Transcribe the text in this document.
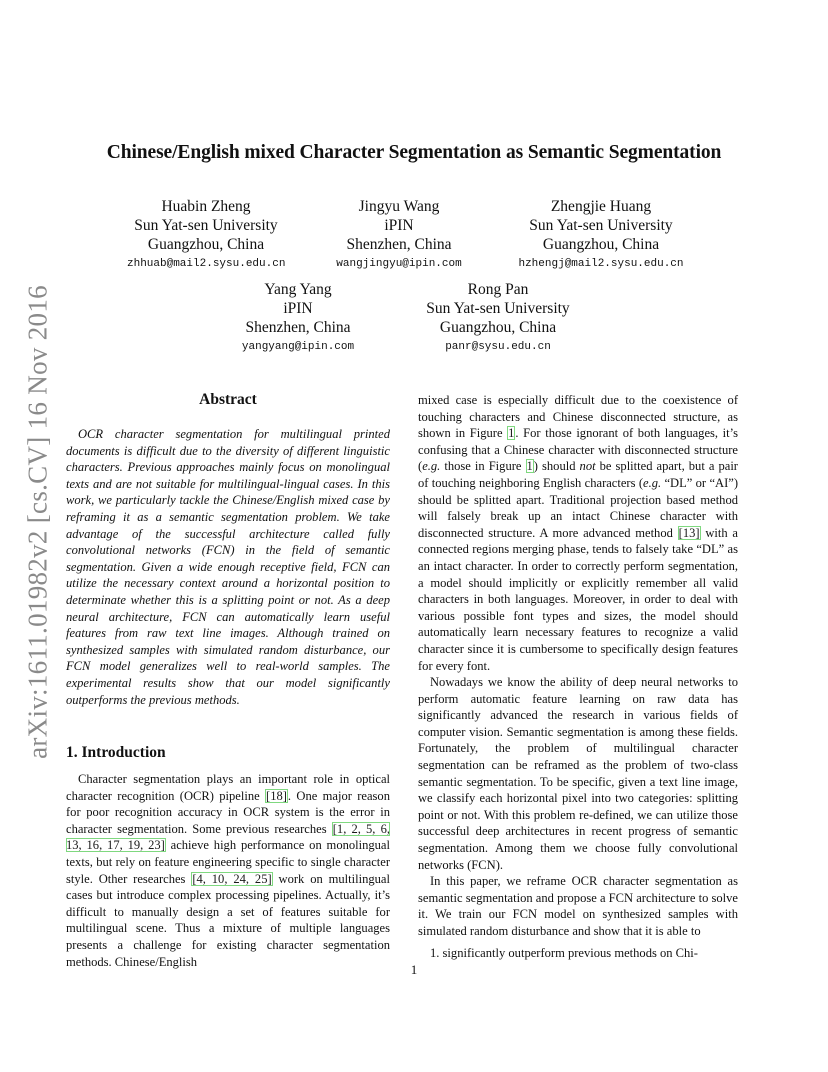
arXiv:1611.01982v2 [cs.CV] 16 Nov 2016
Chinese/English mixed Character Segmentation as Semantic Segmentation
Huabin Zheng
Sun Yat-sen University
Guangzhou, China
zhhuab@mail2.sysu.edu.cn
Jingyu Wang
iPIN
Shenzhen, China
wangjingyu@ipin.com
Zhengjie Huang
Sun Yat-sen University
Guangzhou, China
hzhengj@mail2.sysu.edu.cn
Yang Yang
iPIN
Shenzhen, China
yangyang@ipin.com
Rong Pan
Sun Yat-sen University
Guangzhou, China
panr@sysu.edu.cn
Abstract

OCR character segmentation for multilingual printed documents is difficult due to the diversity of different linguistic characters. Previous approaches mainly focus on monolingual texts and are not suitable for multilingual-lingual cases. In this work, we particularly tackle the Chinese/English mixed case by reframing it as a semantic segmentation problem. We take advantage of the successful architecture called fully convolutional networks (FCN) in the field of semantic segmentation. Given a wide enough receptive field, FCN can utilize the necessary context around a horizontal position to determinate whether this is a splitting point or not. As a deep neural architecture, FCN can automatically learn useful features from raw text line images. Although trained on synthesized samples with simulated random disturbance, our FCN model generalizes well to real-world samples. The experimental results show that our model significantly outperforms the previous methods.

1. Introduction

Character segmentation plays an important role in optical character recognition (OCR) pipeline [18]. One major reason for poor recognition accuracy in OCR system is the error in character segmentation. Some previous researches [1, 2, 5, 6, 13, 16, 17, 19, 23] achieve high performance on monolingual texts, but rely on feature engineering specific to single character style. Other researches [4, 10, 24, 25] work on multilingual cases but introduce complex processing pipelines. Actually, it’s difficult to manually design a set of features suitable for multilingual scene. Thus a mixture of multiple languages presents a challenge for existing character segmentation methods. Chinese/English

mixed case is especially difficult due to the coexistence of touching characters and Chinese disconnected structure, as shown in Figure 1. For those ignorant of both languages, it’s confusing that a Chinese character with disconnected structure (e.g. those in Figure 1) should not be splitted apart, but a pair of touching neighboring English characters (e.g. “DL” or “AI”) should be splitted apart. Traditional projection based method will falsely break up an intact Chinese character with disconnected structure. A more advanced method [13] with a connected regions merging phase, tends to falsely take “DL” as an intact character. In order to correctly perform segmentation, a model should implicitly or explicitly remember all valid characters in both languages. Moreover, in order to deal with various possible font types and sizes, the model should automatically learn necessary features to recognize a valid character since it is cumbersome to specifically design features for every font.

Nowadays we know the ability of deep neural networks to perform automatic feature learning on raw data has significantly advanced the research in various fields of computer vision. Semantic segmentation is among these fields. Fortunately, the problem of multilingual character segmentation can be reframed as the problem of two-class semantic segmentation. To be specific, given a text line image, we classify each horizontal pixel into two categories: splitting point or not. With this problem re-defined, we can utilize those successful deep architectures in recent progress of semantic segmentation. Among them we choose fully convolutional networks (FCN).

In this paper, we reframe OCR character segmentation as semantic segmentation and propose a FCN architecture to solve it. We train our FCN model on synthesized samples with simulated random disturbance and show that it is able to

1. significantly outperform previous methods on Chi-

1
